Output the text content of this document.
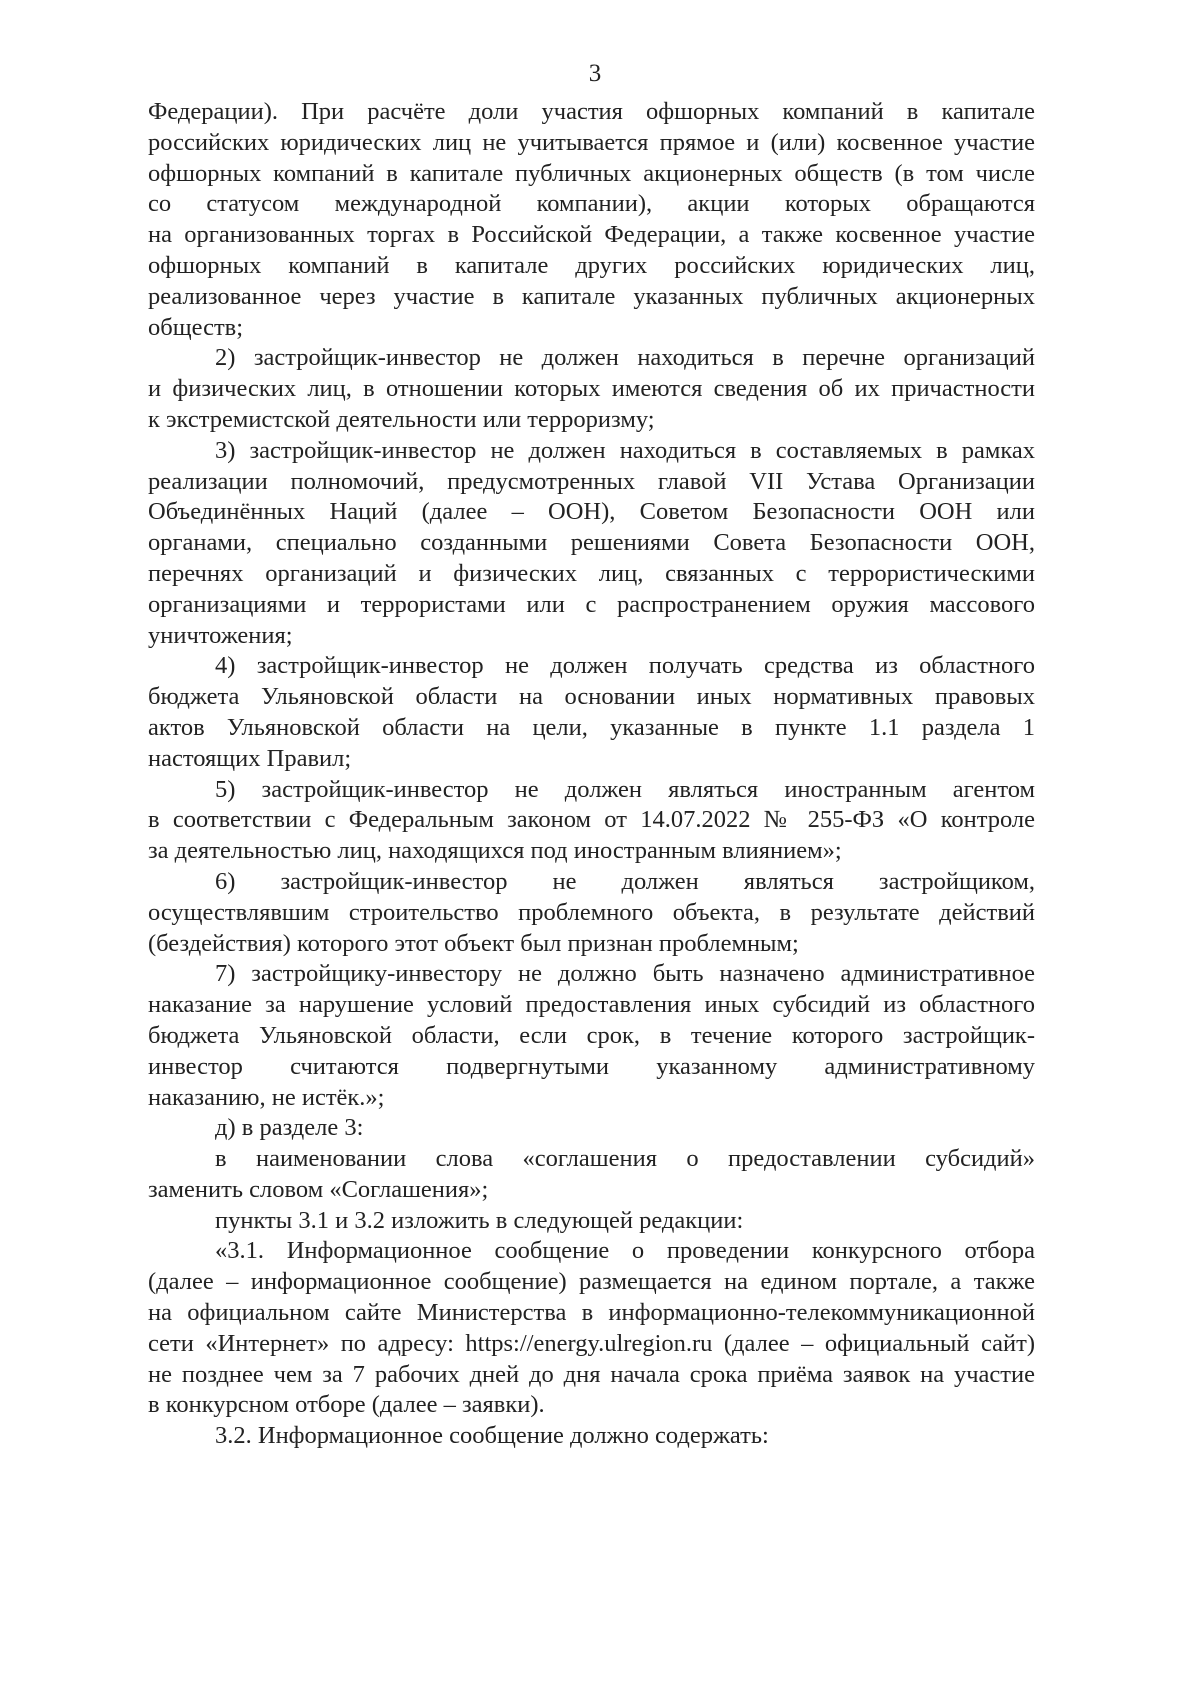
3
Федерации). При расчёте доли участия офшорных компаний в капитале
российских юридических лиц не учитывается прямое и (или) косвенное участие
офшорных компаний в капитале публичных акционерных обществ (в том числе
со статусом международной компании), акции которых обращаются
на организованных торгах в Российской Федерации, а также косвенное участие
офшорных компаний в капитале других российских юридических лиц,
реализованное через участие в капитале указанных публичных акционерных
обществ;
2) застройщик-инвестор не должен находиться в перечне организаций
и физических лиц, в отношении которых имеются сведения об их причастности
к экстремистской деятельности или терроризму;
3) застройщик-инвестор не должен находиться в составляемых в рамках
реализации полномочий, предусмотренных главой VII Устава Организации
Объединённых Наций (далее – ООН), Советом Безопасности ООН или
органами, специально созданными решениями Совета Безопасности ООН,
перечнях организаций и физических лиц, связанных с террористическими
организациями и террористами или с распространением оружия массового
уничтожения;
4) застройщик-инвестор не должен получать средства из областного
бюджета Ульяновской области на основании иных нормативных правовых
актов Ульяновской области на цели, указанные в пункте 1.1 раздела 1
настоящих Правил;
5) застройщик-инвестор не должен являться иностранным агентом
в соответствии с Федеральным законом от 14.07.2022 № 255-ФЗ «О контроле
за деятельностью лиц, находящихся под иностранным влиянием»;
6) застройщик-инвестор не должен являться застройщиком,
осуществлявшим строительство проблемного объекта, в результате действий
(бездействия) которого этот объект был признан проблемным;
7) застройщику-инвестору не должно быть назначено административное
наказание за нарушение условий предоставления иных субсидий из областного
бюджета Ульяновской области, если срок, в течение которого застройщик-
инвестор считаются подвергнутыми указанному административному
наказанию, не истёк.»;
д) в разделе 3:
в наименовании слова «соглашения о предоставлении субсидий»
заменить словом «Соглашения»;
пункты 3.1 и 3.2 изложить в следующей редакции:
«3.1. Информационное сообщение о проведении конкурсного отбора
(далее – информационное сообщение) размещается на едином портале, а также
на официальном сайте Министерства в информационно-телекоммуникационной
сети «Интернет» по адресу: https://energy.ulregion.ru (далее – официальный сайт)
не позднее чем за 7 рабочих дней до дня начала срока приёма заявок на участие
в конкурсном отборе (далее – заявки).
3.2. Информационное сообщение должно содержать:
